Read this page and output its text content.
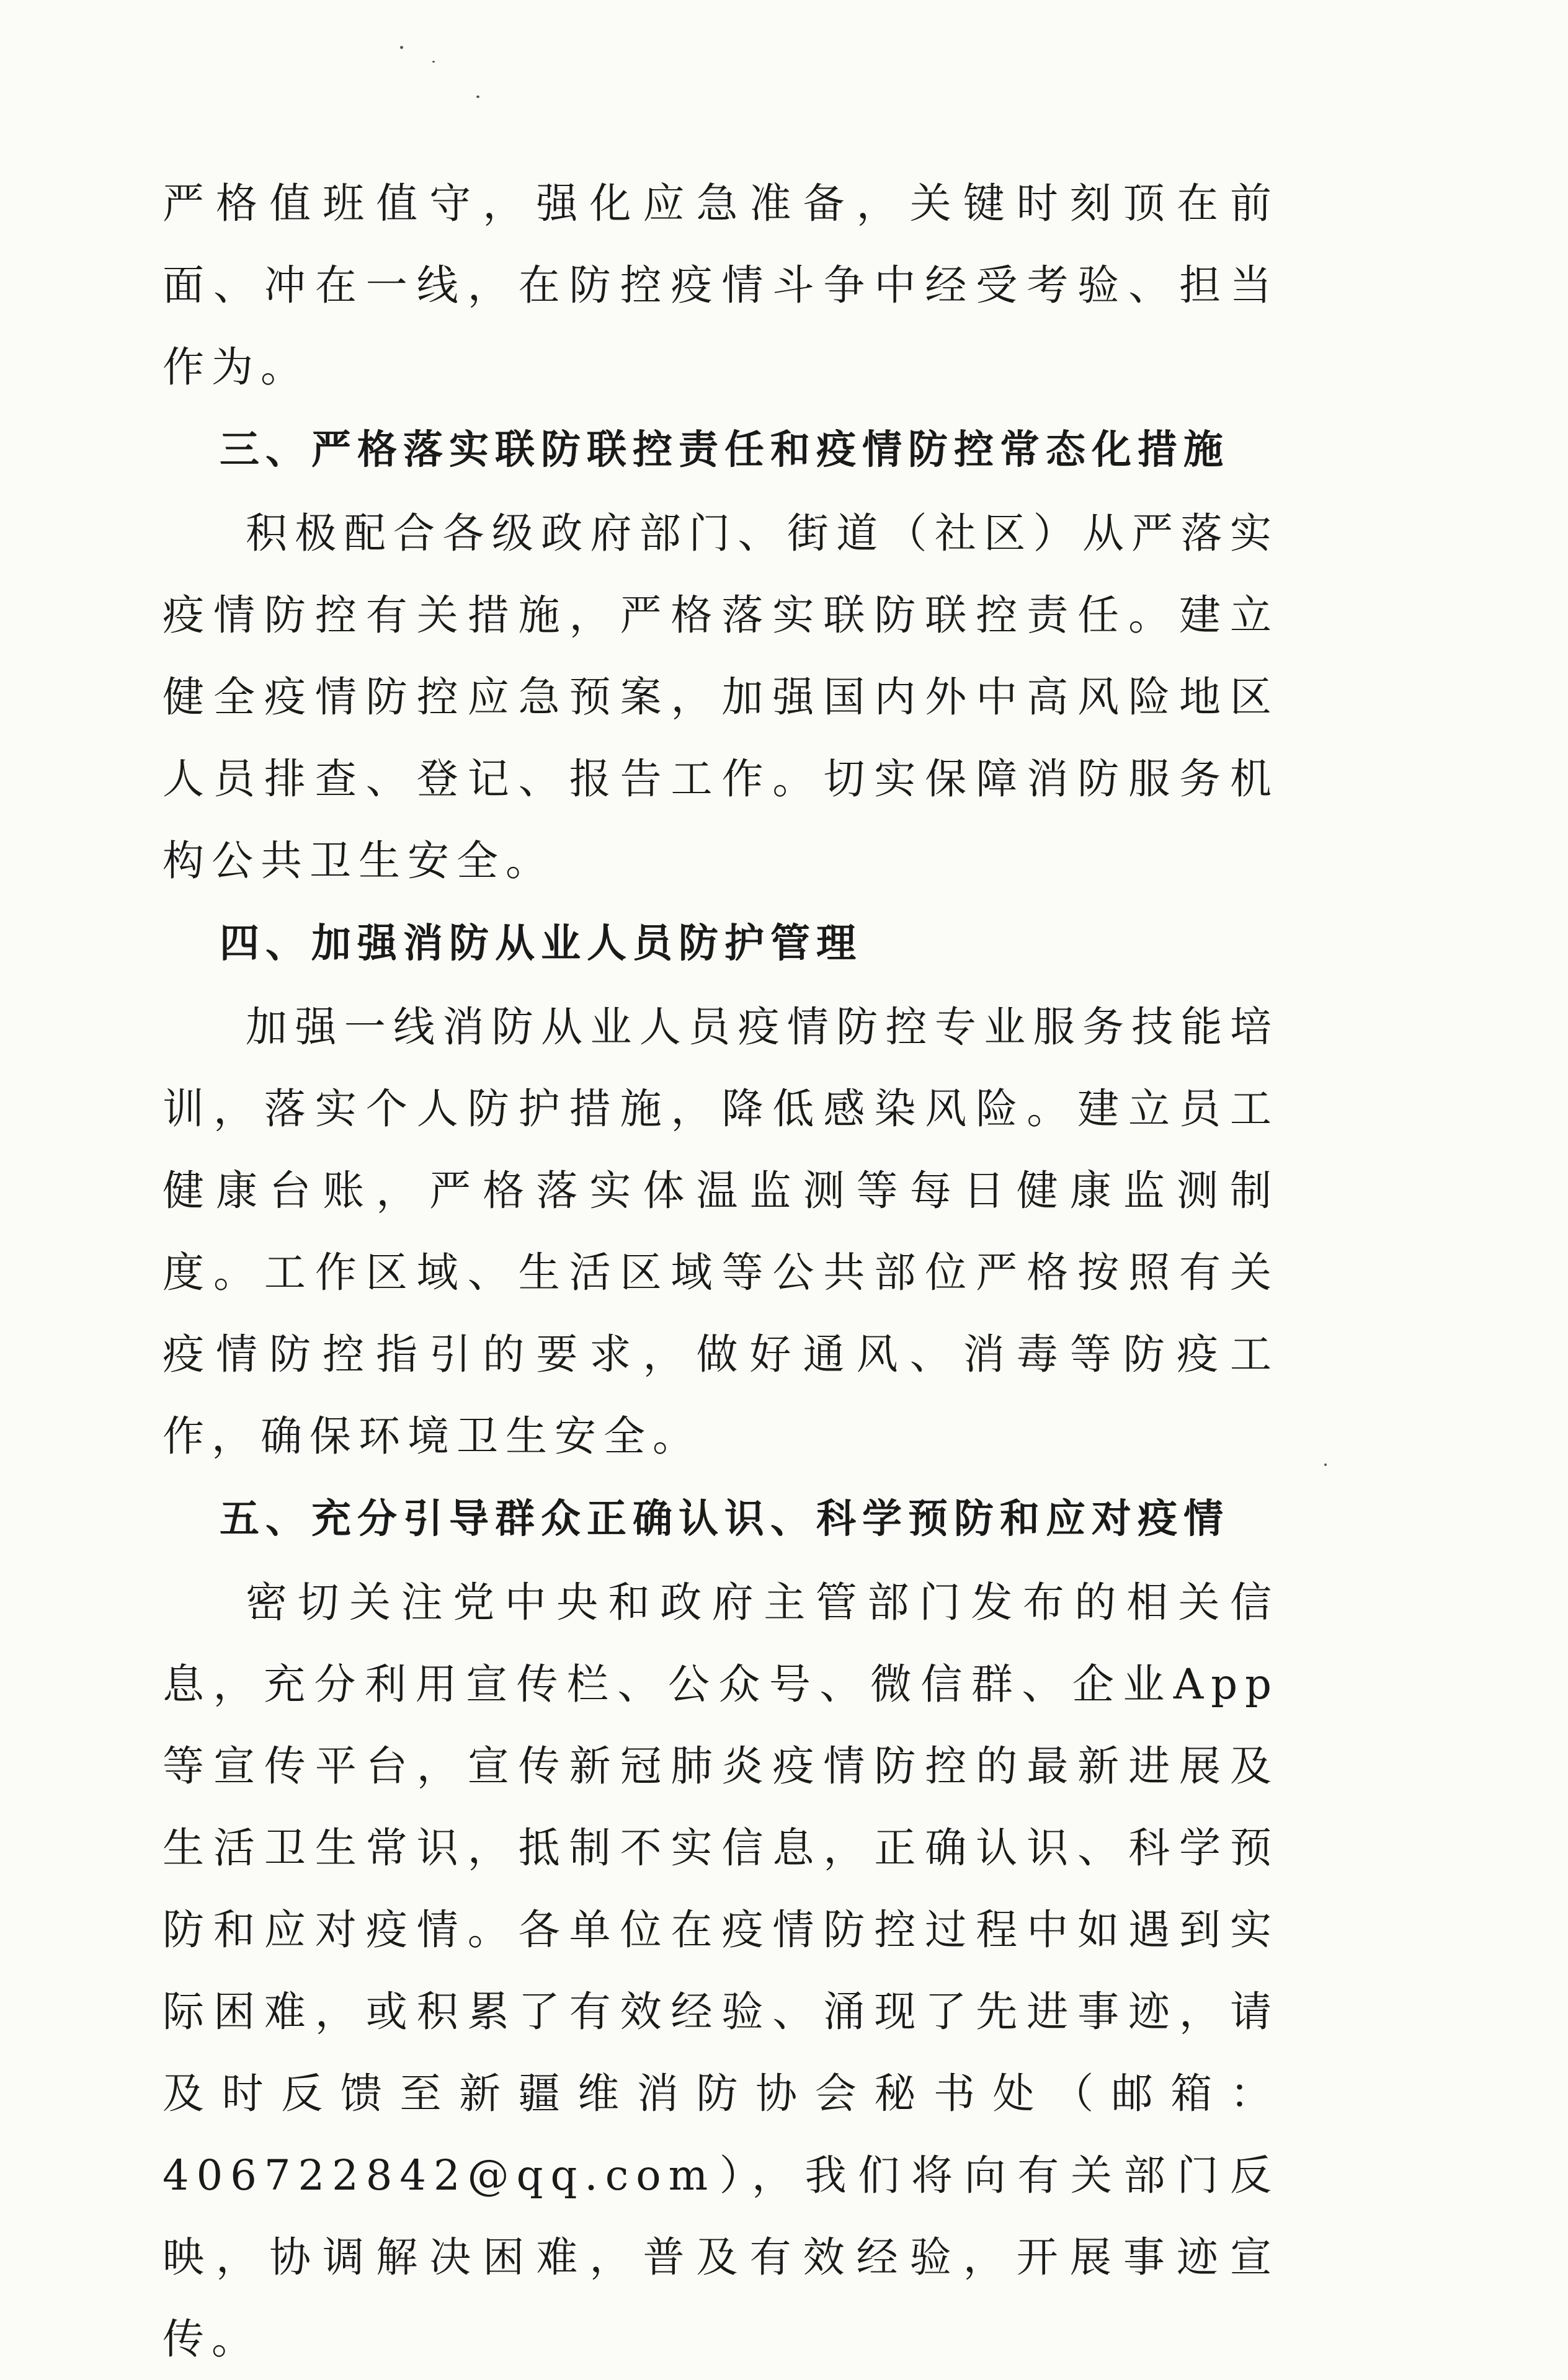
严格值班值守，强化应急准备，关键时刻顶在前面、冲在一线，在防控疫情斗争中经受考验、担当作为。

三、严格落实联防联控责任和疫情防控常态化措施

积极配合各级政府部门、街道（社区）从严落实疫情防控有关措施，严格落实联防联控责任。建立健全疫情防控应急预案，加强国内外中高风险地区人员排查、登记、报告工作。切实保障消防服务机构公共卫生安全。

四、加强消防从业人员防护管理

加强一线消防从业人员疫情防控专业服务技能培训，落实个人防护措施，降低感染风险。建立员工健康台账，严格落实体温监测等每日健康监测制度。工作区域、生活区域等公共部位严格按照有关疫情防控指引的要求，做好通风、消毒等防疫工作，确保环境卫生安全。

五、充分引导群众正确认识、科学预防和应对疫情

密切关注党中央和政府主管部门发布的相关信息，充分利用宣传栏、公众号、微信群、企业App等宣传平台，宣传新冠肺炎疫情防控的最新进展及生活卫生常识，抵制不实信息，正确认识、科学预防和应对疫情。各单位在疫情防控过程中如遇到实际困难，或积累了有效经验、涌现了先进事迹，请及时反馈至新疆维消防协会秘书处（邮箱：406722842@qq.com），我们将向有关部门反映，协调解决困难，普及有效经验，开展事迹宣传。
